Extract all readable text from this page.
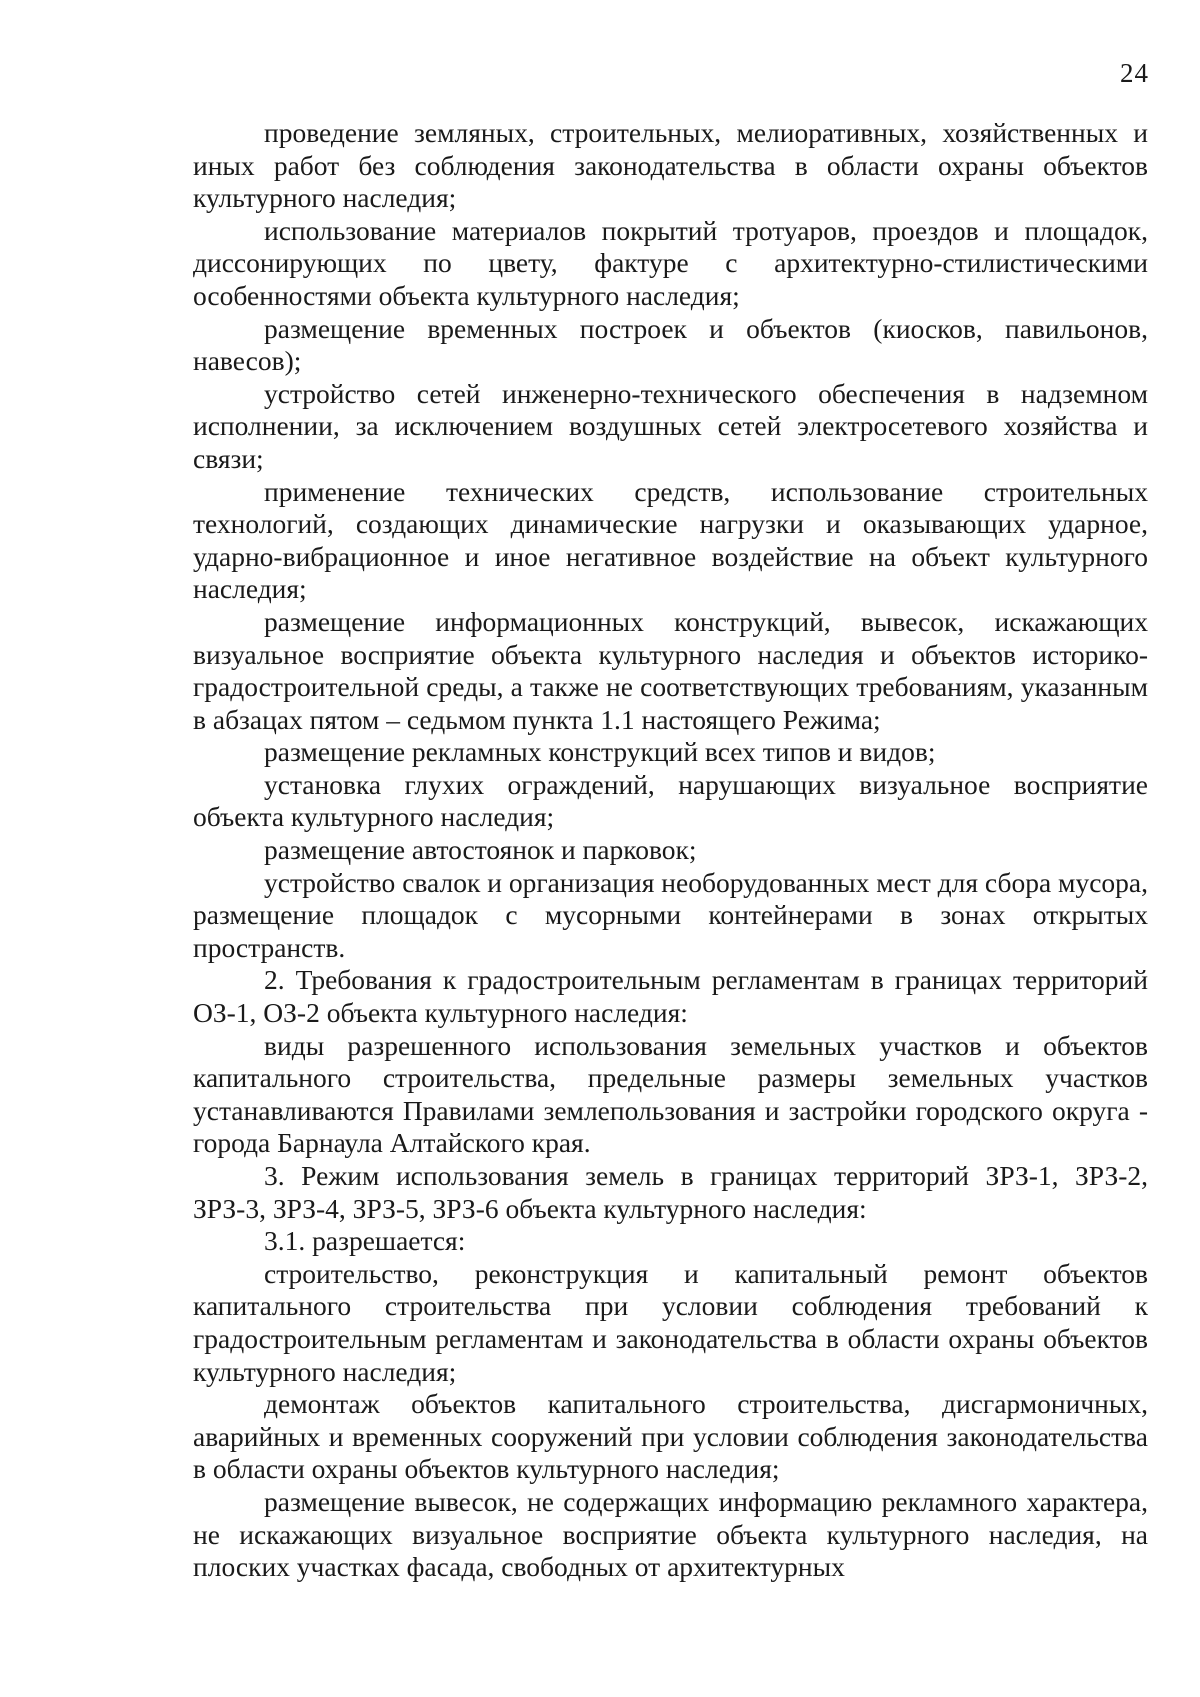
24

проведение земляных, строительных, мелиоративных, хозяйственных и иных работ без соблюдения законодательства в области охраны объектов культурного наследия;

использование материалов покрытий тротуаров, проездов и площадок, диссонирующих по цвету, фактуре с архитектурно-стилистическими особенностями объекта культурного наследия;

размещение временных построек и объектов (киосков, павильонов, навесов);

устройство сетей инженерно-технического обеспечения в надземном исполнении, за исключением воздушных сетей электросетевого хозяйства и связи;

применение технических средств, использование строительных технологий, создающих динамические нагрузки и оказывающих ударное, ударно-вибрационное и иное негативное воздействие на объект культурного наследия;

размещение информационных конструкций, вывесок, искажающих визуальное восприятие объекта культурного наследия и объектов историко-градостроительной среды, а также не соответствующих требованиям, указанным в абзацах пятом – седьмом пункта 1.1 настоящего Режима;

размещение рекламных конструкций всех типов и видов;

установка глухих ограждений, нарушающих визуальное восприятие объекта культурного наследия;

размещение автостоянок и парковок;

устройство свалок и организация необорудованных мест для сбора мусора, размещение площадок с мусорными контейнерами в зонах открытых пространств.

2. Требования к градостроительным регламентам в границах территорий ОЗ-1, ОЗ-2 объекта культурного наследия:

виды разрешенного использования земельных участков и объектов капитального строительства, предельные размеры земельных участков устанавливаются Правилами землепользования и застройки городского округа - города Барнаула Алтайского края.

3. Режим использования земель в границах территорий ЗРЗ-1, ЗРЗ-2, ЗРЗ-3, ЗРЗ-4, ЗРЗ-5, ЗРЗ-6 объекта культурного наследия:

3.1. разрешается:

строительство, реконструкция и капитальный ремонт объектов капитального строительства при условии соблюдения требований к градостроительным регламентам и законодательства в области охраны объектов культурного наследия;

демонтаж объектов капитального строительства, дисгармоничных, аварийных и временных сооружений при условии соблюдения законодательства в области охраны объектов культурного наследия;

размещение вывесок, не содержащих информацию рекламного характера, не искажающих визуальное восприятие объекта культурного наследия, на плоских участках фасада, свободных от архитектурных
